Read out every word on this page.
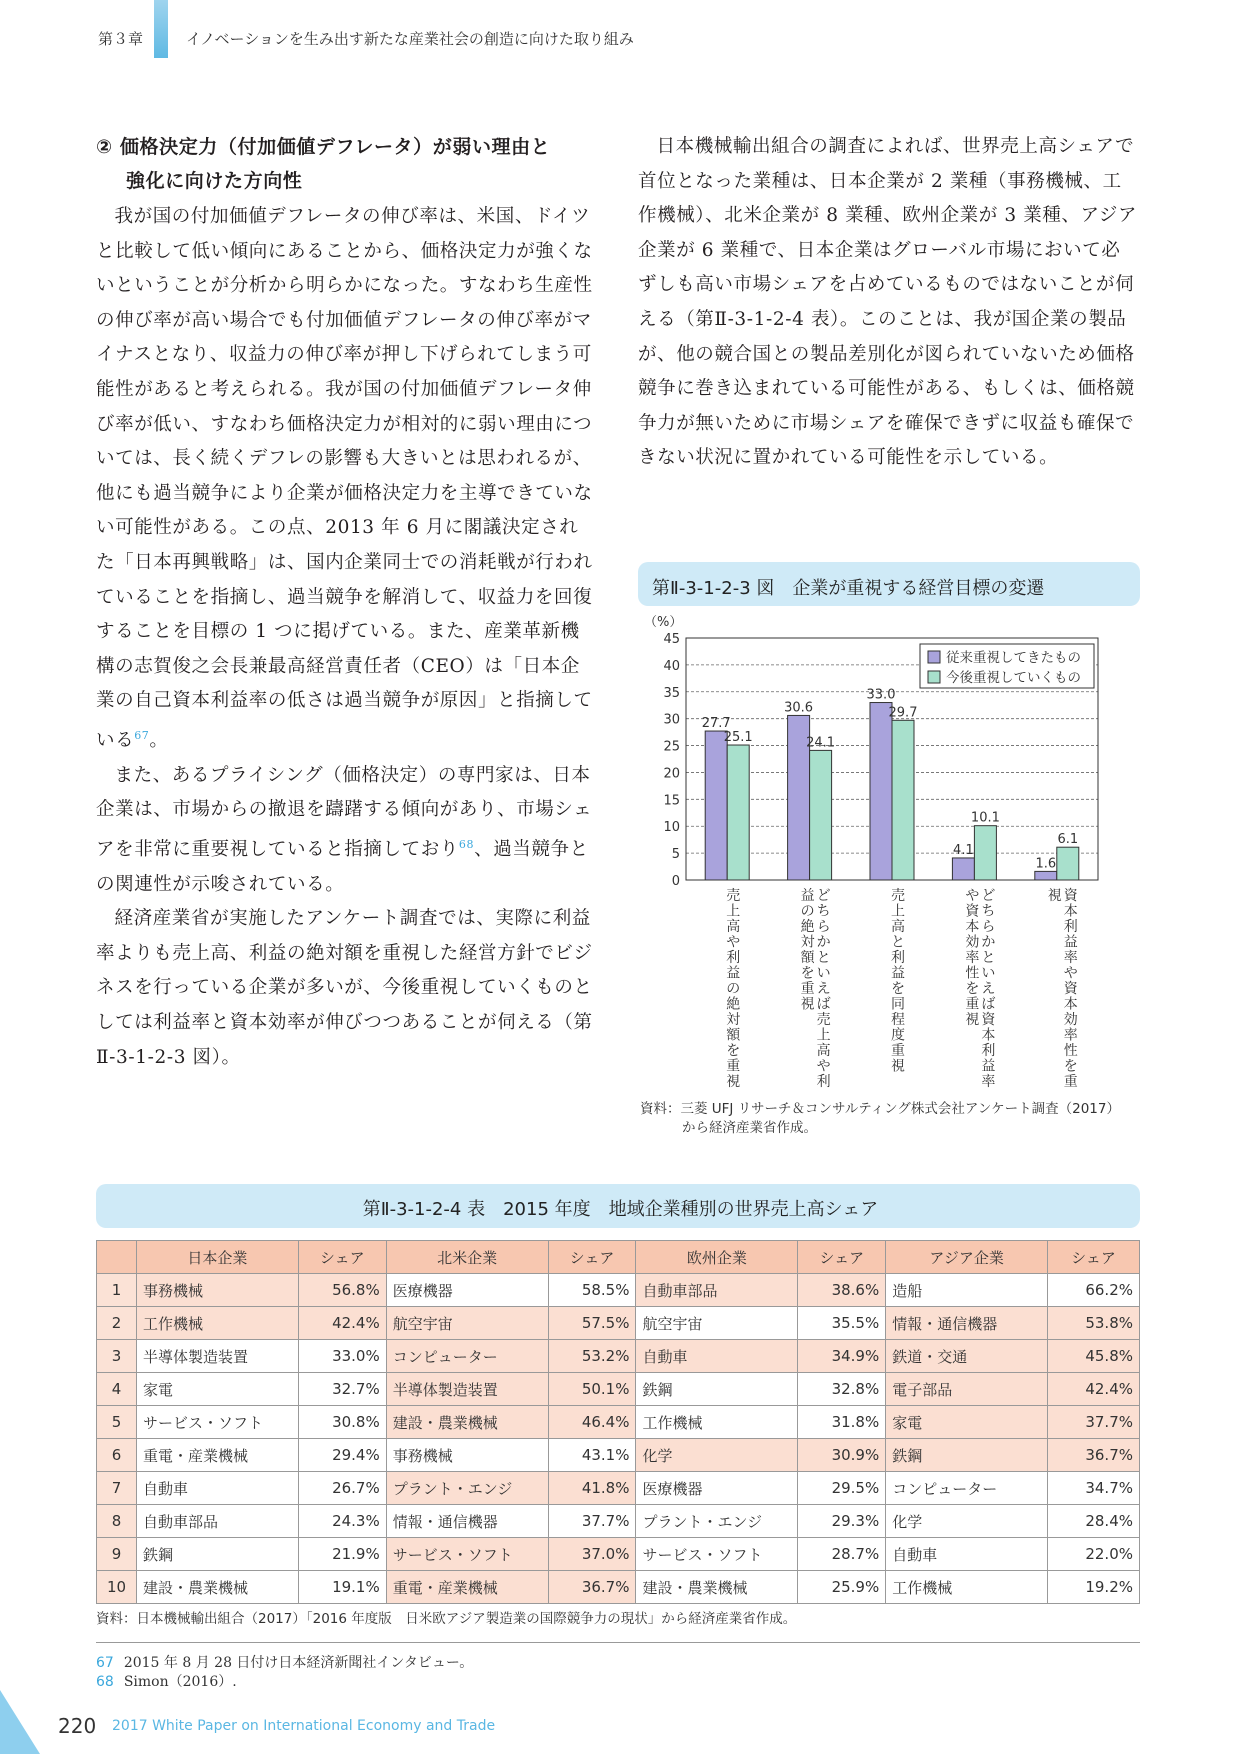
第３章	イノベーションを生み出す新たな産業社会の創造に向けた取り組み
② 価格決定力（付加価値デフレータ）が弱い理由と
強化に向けた方向性

我が国の付加価値デフレータの伸び率は、米国、ドイツと比較して低い傾向にあることから、価格決定力が強くないということが分析から明らかになった。すなわち生産性の伸び率が高い場合でも付加価値デフレータの伸び率がマイナスとなり、収益力の伸び率が押し下げられてしまう可能性があると考えられる。我が国の付加価値デフレータ伸び率が低い、すなわち価格決定力が相対的に弱い理由については、長く続くデフレの影響も大きいとは思われるが、他にも過当競争により企業が価格決定力を主導できていない可能性がある。この点、2013 年 6 月に閣議決定された「日本再興戦略」は、国内企業同士での消耗戦が行われていることを指摘し、過当競争を解消して、収益力を回復することを目標の 1 つに掲げている。また、産業革新機構の志賀俊之会長兼最高経営責任者（CEO）は「日本企業の自己資本利益率の低さは過当競争が原因」と指摘している$^{67}$。

また、あるプライシング（価格決定）の専門家は、日本企業は、市場からの撤退を躊躇する傾向があり、市場シェアを非常に重要視していると指摘しており$^{68}$、過当競争との関連性が示唆されている。

経済産業省が実施したアンケート調査では、実際に利益率よりも売上高、利益の絶対額を重視した経営方針でビジネスを行っている企業が多いが、今後重視していくものとしては利益率と資本効率が伸びつつあることが伺える（第Ⅱ-3-1-2-3 図）。

日本機械輸出組合の調査によれば、世界売上高シェアで首位となった業種は、日本企業が 2 業種（事務機械、工作機械）、北米企業が 8 業種、欧州企業が 3 業種、アジア企業が 6 業種で、日本企業はグローバル市場において必ずしも高い市場シェアを占めているものではないことが伺える（第Ⅱ-3-1-2-4 表）。このことは、我が国企業の製品が、他の競合国との製品差別化が図られていないため価格競争に巻き込まれている可能性がある、もしくは、価格競争力が無いために市場シェアを確保できずに収益も確保できない状況に置かれている可能性を示している。

第Ⅱ-3-1-2-3 図　企業が重視する経営目標の変遷
（%）
0
5
10
15
20
25
30
35
40
45
27.7
25.1
売上高や利益の絶対額を重視
30.6
24.1
どちらかといえば売上高や利益の絶対額を重視
33.0
29.7
売上高と利益を同程度重視
4.1
10.1
どちらかといえば資本利益率や資本効率性を重視
1.6
6.1
資本利益率や資本効率性を重視
従来重視してきたもの
今後重視していくもの
資料：三菱 UFJ リサーチ＆コンサルティング株式会社アンケート調査（2017）
から経済産業省作成。
第Ⅱ-3-1-2-4 表　2015 年度　地域企業種別の世界売上高シェア
	日本企業	シェア	北米企業	シェア	欧州企業	シェア	アジア企業	シェア
1	事務機械	56.8%	医療機器	58.5%	自動車部品	38.6%	造船	66.2%
2	工作機械	42.4%	航空宇宙	57.5%	航空宇宙	35.5%	情報・通信機器	53.8%
3	半導体製造装置	33.0%	コンピューター	53.2%	自動車	34.9%	鉄道・交通	45.8%
4	家電	32.7%	半導体製造装置	50.1%	鉄鋼	32.8%	電子部品	42.4%
5	サービス・ソフト	30.8%	建設・農業機械	46.4%	工作機械	31.8%	家電	37.7%
6	重電・産業機械	29.4%	事務機械	43.1%	化学	30.9%	鉄鋼	36.7%
7	自動車	26.7%	プラント・エンジ	41.8%	医療機器	29.5%	コンピューター	34.7%
8	自動車部品	24.3%	情報・通信機器	37.7%	プラント・エンジ	29.3%	化学	28.4%
9	鉄鋼	21.9%	サービス・ソフト	37.0%	サービス・ソフト	28.7%	自動車	22.0%
10	建設・農業機械	19.1%	重電・産業機械	36.7%	建設・農業機械	25.9%	工作機械	19.2%
資料：日本機械輸出組合（2017）「2016 年度版　日米欧アジア製造業の国際競争力の現状」から経済産業省作成。
67 2015 年 8 月 28 日付け日本経済新聞社インタビュー。
68 Simon（2016）.
220 2017 White Paper on International Economy and Trade
